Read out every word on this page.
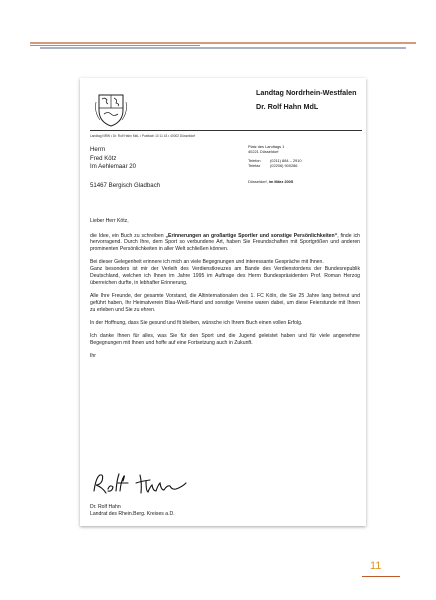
Landtag Nordrhein-Westfalen
Dr. Rolf Hahn MdL
Landtag NRW • Dr. Rolf Hahn MdL • Postfach 10 11 43 • 40002 Düsseldorf
Herrn
Fred Kötz
Im Aehlemaar 20
51467 Bergisch Gladbach
Platz des Landtags 1
40221 Düsseldorf
Telefon (0211) 884 – 2910
Telefax (02206) 900286
Düsseldorf, im März 2005

Lieber Herr Kötz,

die Idee, ein Buch zu schreiben „Erinnerungen an großartige Sportler und sonstige Persönlichkeiten“, finde ich hervorragend. Durch Ihre, dem Sport so verbundene Art, haben Sie Freundschaften mit Sportgrößen und anderen prominenten Persönlichkeiten in aller Welt schließen können.

Bei dieser Gelegenheit erinnere ich mich an viele Begegnungen und interessante Gespräche mit Ihnen.

Ganz besonders ist mir der Verleih des Verdienstkreuzes am Bande des Verdienstordens der Bundesrepublik Deutschland, welchen ich Ihnen im Jahre 1995 im Auftrage des Herrn Bundespräsidenten Prof. Roman Herzog überreichen durfte, in lebhafter Erinnerung.

Alle Ihre Freunde, der gesamte Vorstand, die Altinternationalen des 1. FC Köln, die Sie 25 Jahre lang betreut und geführt haben, Ihr Heimatverein Blau-Weiß-Hand und sonstige Vereine waren dabei, um diese Feierstunde mit Ihnen zu erleben und Sie zu ehren.

In der Hoffnung, dass Sie gesund und fit bleiben, wünsche ich Ihrem Buch einen vollen Erfolg.

Ich danke Ihnen für alles, was Sie für den Sport und die Jugend geleistet haben und für viele angenehme Begegnungen mit Ihnen und hoffe auf eine Fortsetzung auch in Zukunft.

Ihr

Dr. Rolf Hahn
Landrat des Rhein.Berg. Kreises a.D.
11
